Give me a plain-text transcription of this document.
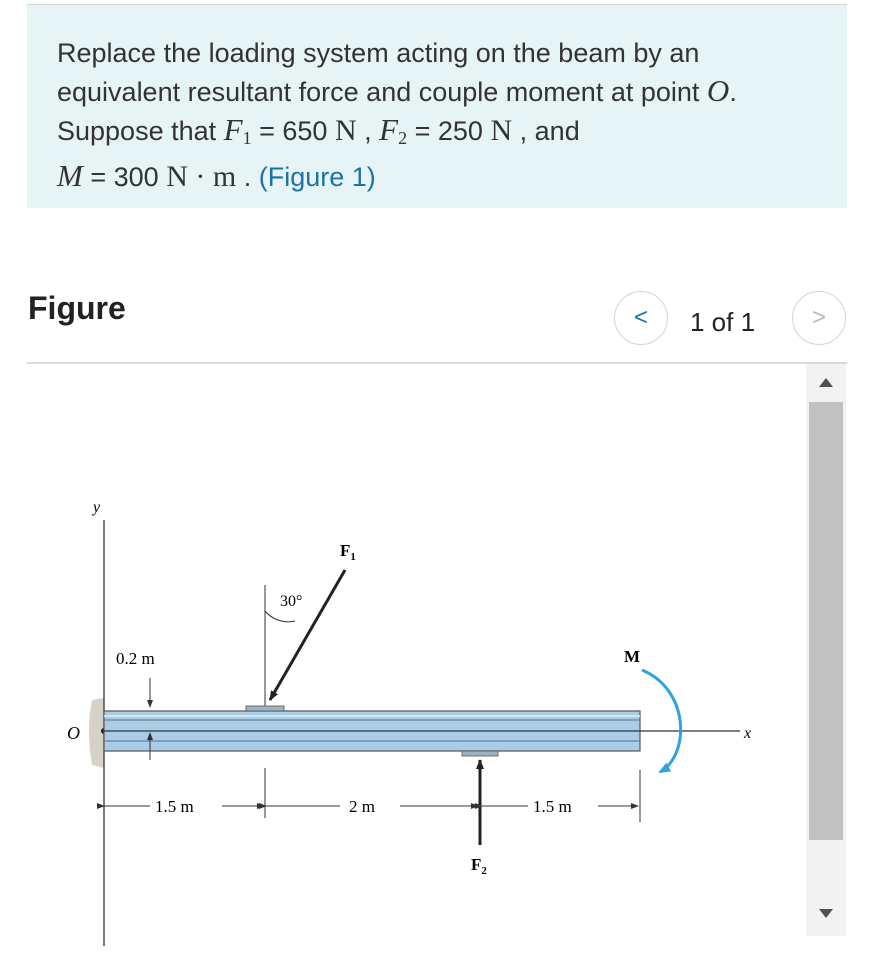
Replace the loading system acting on the beam by an
equivalent resultant force and couple moment at point O.
Suppose that $F_1 = 650$ N , $F_2 = 250$ N , and
M = 300 N · m . (Figure 1)
Figure	< 1 of 1 >
y
O	x
0.2 m
30°
$F_1$
$F_2$
M
1.5 m	2 m	1.5 m
